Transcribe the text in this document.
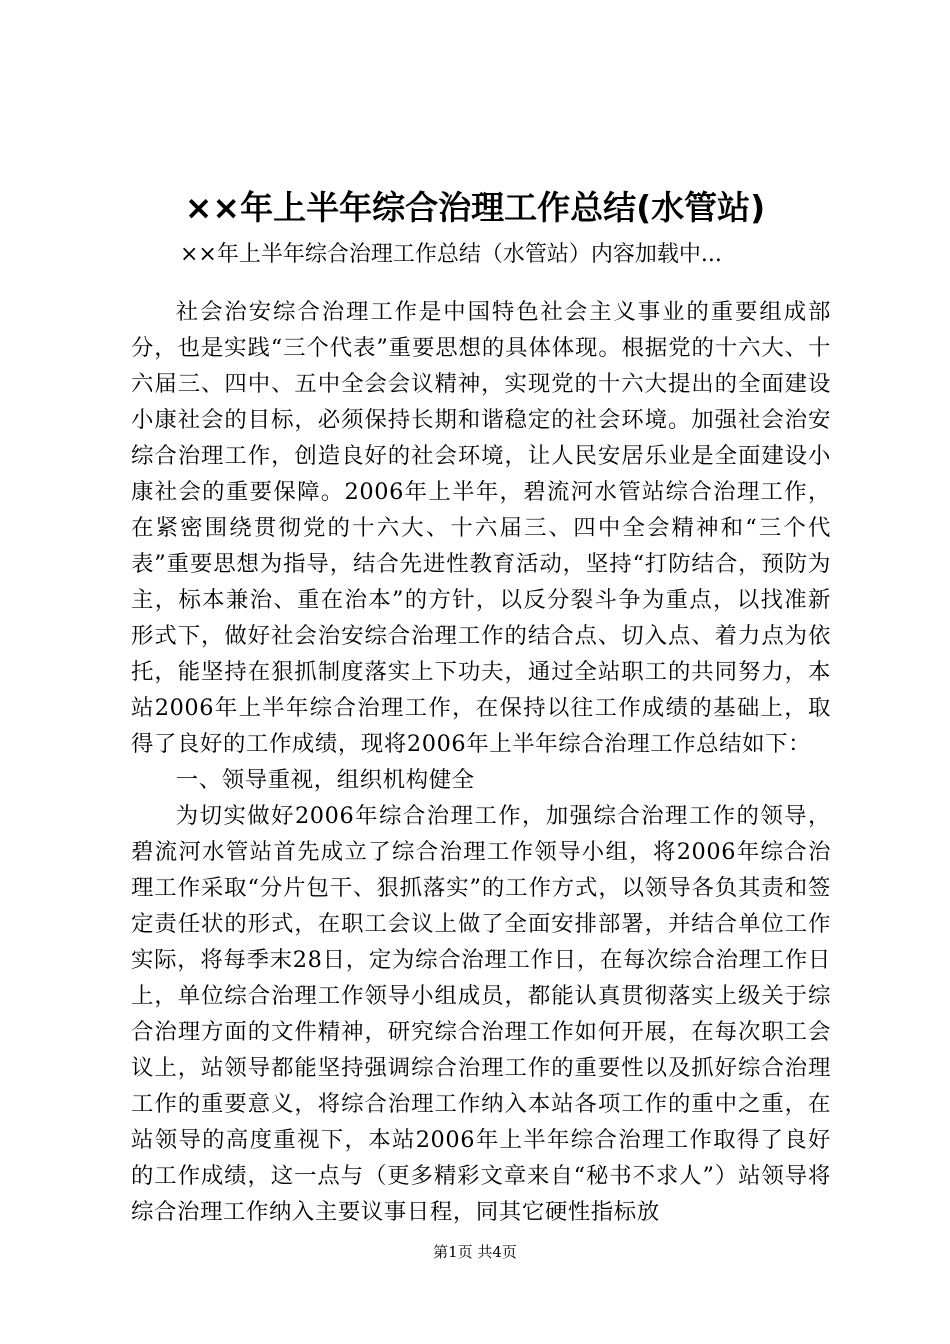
××年上半年综合治理工作总结(水管站)
××年上半年综合治理工作总结（水管站）内容加载中...

社会治安综合治理工作是中国特色社会主义事业的重要组成部分，也是实践“三个代表”重要思想的具体体现。根据党的十六大、十六届三、四中、五中全会会议精神，实现党的十六大提出的全面建设小康社会的目标，必须保持长期和谐稳定的社会环境。加强社会治安综合治理工作，创造良好的社会环境，让人民安居乐业是全面建设小康社会的重要保障。2006年上半年，碧流河水管站综合治理工作，在紧密围绕贯彻党的十六大、十六届三、四中全会精神和“三个代表”重要思想为指导，结合先进性教育活动，坚持“打防结合，预防为主，标本兼治、重在治本”的方针，以反分裂斗争为重点，以找准新形式下，做好社会治安综合治理工作的结合点、切入点、着力点为依托，能坚持在狠抓制度落实上下功夫，通过全站职工的共同努力，本站2006年上半年综合治理工作，在保持以往工作成绩的基础上，取得了良好的工作成绩，现将2006年上半年综合治理工作总结如下：

一、领导重视，组织机构健全

为切实做好2006年综合治理工作，加强综合治理工作的领导，碧流河水管站首先成立了综合治理工作领导小组，将2006年综合治理工作采取“分片包干、狠抓落实”的工作方式，以领导各负其责和签定责任状的形式，在职工会议上做了全面安排部署，并结合单位工作实际，将每季末28日，定为综合治理工作日，在每次综合治理工作日上，单位综合治理工作领导小组成员，都能认真贯彻落实上级关于综合治理方面的文件精神，研究综合治理工作如何开展，在每次职工会议上，站领导都能坚持强调综合治理工作的重要性以及抓好综合治理工作的重要意义，将综合治理工作纳入本站各项工作的重中之重，在站领导的高度重视下，本站2006年上半年综合治理工作取得了良好的工作成绩，这一点与（更多精彩文章来自“秘书不求人”）站领导将综合治理工作纳入主要议事日程，同其它硬性指标放

第1页 共4页
